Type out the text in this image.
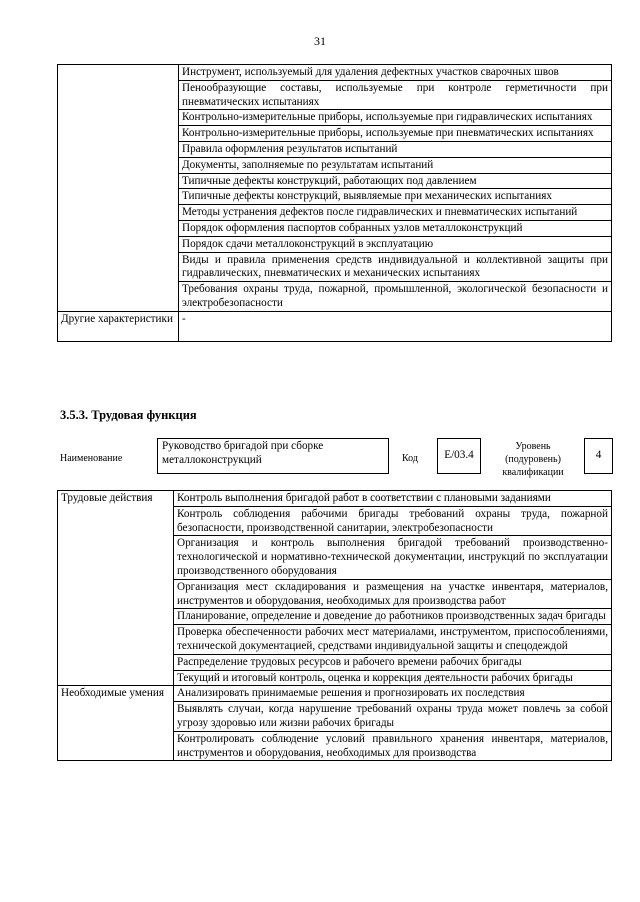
31
	Инструмент, используемый для удаления дефектных участков сварочных швов
	Пенообразующие составы, используемые при контроле герметичности при пневматических испытаниях
	Контрольно-измерительные приборы, используемые при гидравлических испытаниях
	Контрольно-измерительные приборы, используемые при пневматических испытаниях
	Правила оформления результатов испытаний
	Документы, заполняемые по результатам испытаний
	Типичные дефекты конструкций, работающих под давлением
	Типичные дефекты конструкций, выявляемые при механических испытаниях
	Методы устранения дефектов после гидравлических и пневматических испытаний
	Порядок оформления паспортов собранных узлов металлоконструкций
	Порядок сдачи металлоконструкций в эксплуатацию
	Виды и правила применения средств индивидуальной и коллективной защиты при гидравлических, пневматических и механических испытаниях
	Требования охраны труда, пожарной, промышленной, экологической безопасности и электробезопасности
Другие характеристики	-
3.5.3. Трудовая функция
Наименование
Руководство бригадой при сборке металлоконструкций	Код	E/03.4
Уровень (подуровень) квалификации
4
Трудовые действия	Контроль выполнения бригадой работ в соответствии с плановыми заданиями
	Контроль соблюдения рабочими бригады требований охраны труда, пожарной безопасности, производственной санитарии, электробезопасности
	Организация и контроль выполнения бригадой требований производственно-технологической и нормативно-технической документации, инструкций по эксплуатации производственного оборудования
	Организация мест складирования и размещения на участке инвентаря, материалов, инструментов и оборудования, необходимых для производства работ
	Планирование, определение и доведение до работников производственных задач бригады
	Проверка обеспеченности рабочих мест материалами, инструментом, приспособлениями, технической документацией, средствами индивидуальной защиты и спецодеждой
	Распределение трудовых ресурсов и рабочего времени рабочих бригады
	Текущий и итоговый контроль, оценка и коррекция деятельности рабочих бригады
Необходимые умения	Анализировать принимаемые решения и прогнозировать их последствия
	Выявлять случаи, когда нарушение требований охраны труда может повлечь за собой угрозу здоровью или жизни рабочих бригады
	Контролировать соблюдение условий правильного хранения инвентаря, материалов, инструментов и оборудования, необходимых для производства
